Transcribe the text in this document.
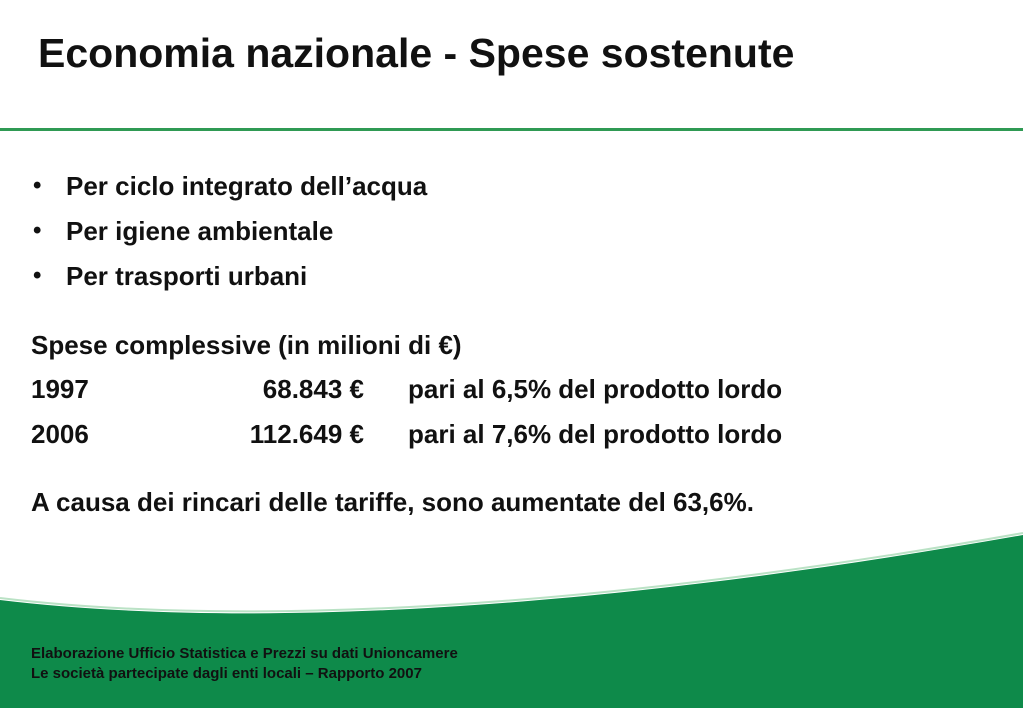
Economia nazionale - Spese sostenute
• Per ciclo integrato dell’acqua
• Per igiene ambientale
• Per trasporti urbani
Spese complessive (in milioni di €)
1997	68.843 € pari al 6,5% del prodotto lordo
2006	112.649 € pari al 7,6% del prodotto lordo
A causa dei rincari delle tariffe, sono aumentate del 63,6%.
Elaborazione Ufficio Statistica e Prezzi su dati Unioncamere
Le società partecipate dagli enti locali – Rapporto 2007
